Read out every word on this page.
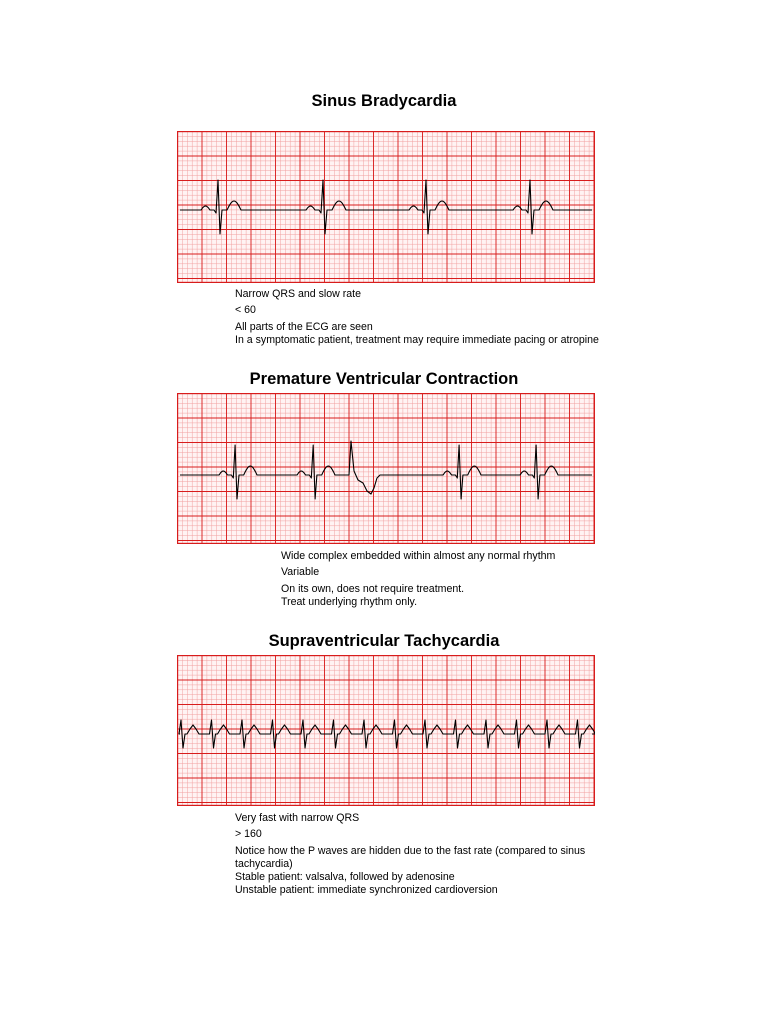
Sinus Bradycardia
Narrow QRS and slow rate
< 60
All parts of the ECG are seen
In a symptomatic patient, treatment may require immediate pacing or atropine
Premature Ventricular Contraction
Wide complex embedded within almost any normal rhythm
Variable
On its own, does not require treatment.
Treat underlying rhythm only.
Supraventricular Tachycardia
Very fast with narrow QRS
> 160
Notice how the P waves are hidden due to the fast rate (compared to sinus
tachycardia)
Stable patient: valsalva, followed by adenosine
Unstable patient: immediate synchronized cardioversion
